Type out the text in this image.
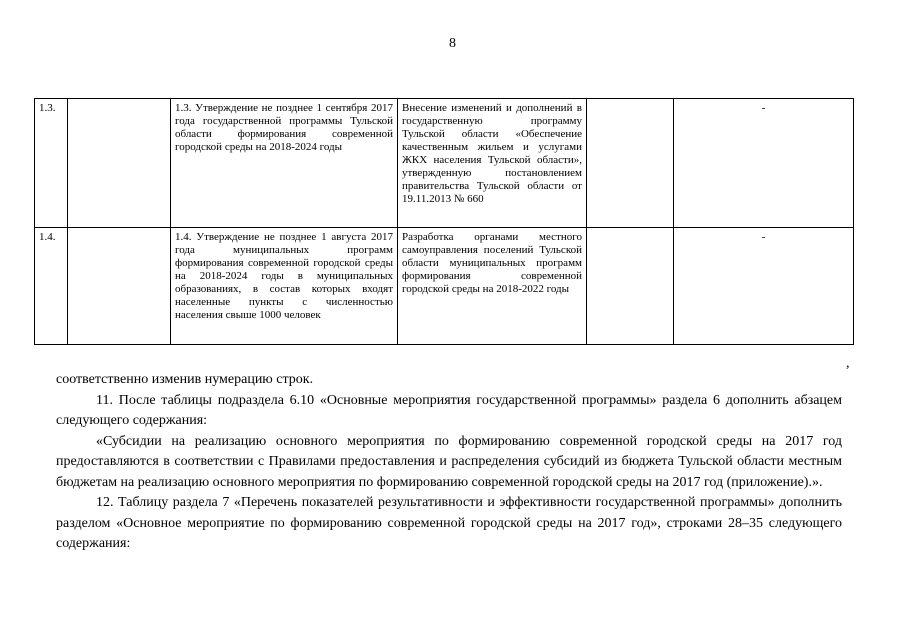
8
1.3.		1.3. Утверждение не позднее 1 сентября 2017 года государственной программы Тульской области формирования современной городской среды на 2018-2024 годы	Внесение изменений и дополнений в государственную программу Тульской области «Обеспечение качественным жильем и услугами ЖКХ населения Тульской области», утвержденную постановлением правительства Тульской области от 19.11.2013 № 660		-
1.4.		1.4. Утверждение не позднее 1 августа 2017 года муниципальных программ формирования современной городской среды на 2018-2024 годы в муниципальных образованиях, в состав которых входят населенные пункты с численностью населения свыше 1000 человек	Разработка органами местного самоуправления поселений Тульской области муниципальных программ формирования современной городской среды на 2018-2022 годы		-
,

соответственно изменив нумерацию строк.

11. После таблицы подраздела 6.10 «Основные мероприятия государственной программы» раздела 6 дополнить абзацем следующего содержания:

«Субсидии на реализацию основного мероприятия по формированию современной городской среды на 2017 год предоставляются в соответствии с Правилами предоставления и распределения субсидий из бюджета Тульской области местным бюджетам на реализацию основного мероприятия по формированию современной городской среды на 2017 год (приложение).».

12. Таблицу раздела 7 «Перечень показателей результативности и эффективности государственной программы» дополнить разделом «Основное мероприятие по формированию современной городской среды на 2017 год», строками 28–35 следующего содержания:
